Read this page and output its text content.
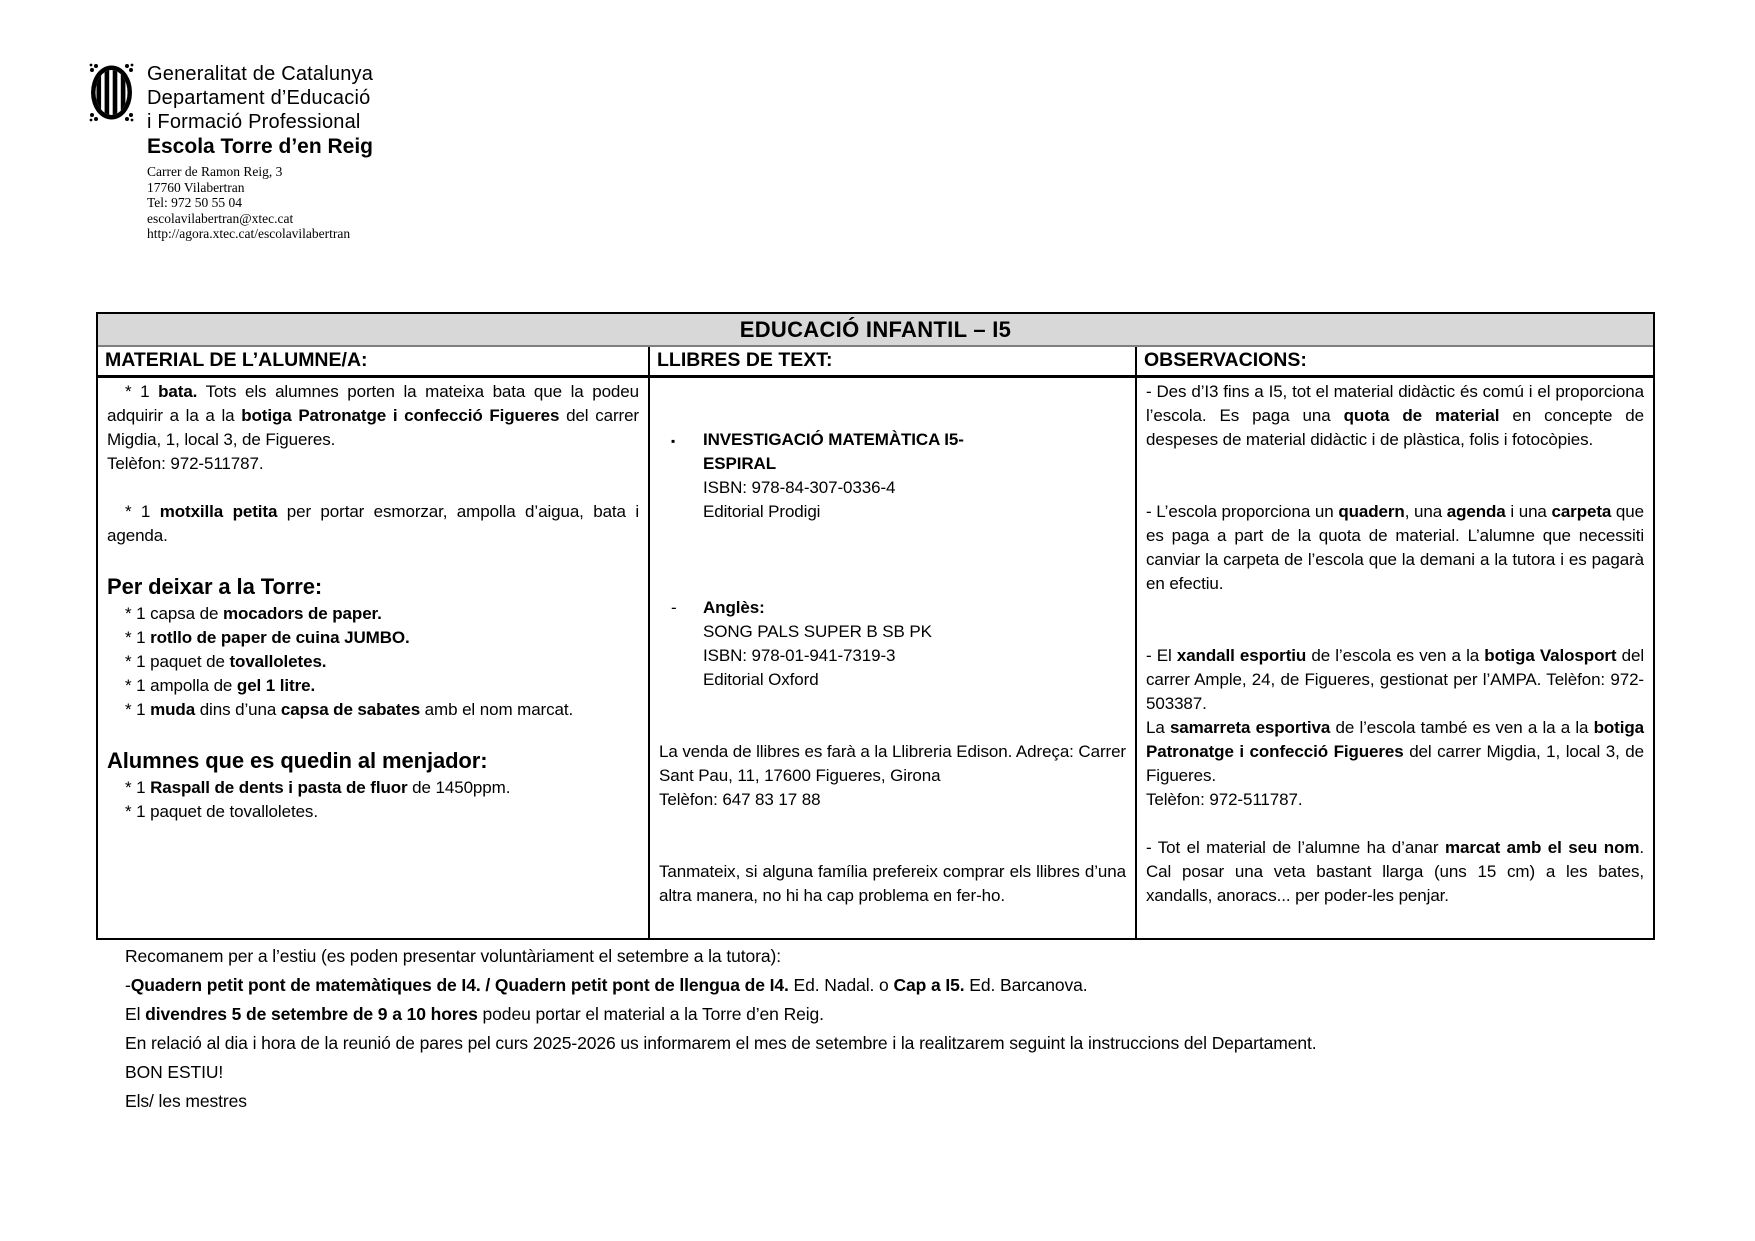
Generalitat de Catalunya
Departament d’Educació
i Formació Professional
Escola Torre d’en Reig
Carrer de Ramon Reig, 3
17760 Vilabertran
Tel: 972 50 55 04
escolavilabertran@xtec.cat
http://agora.xtec.cat/escolavilabertran
EDUCACIÓ INFANTIL – I5
MATERIAL DE L’ALUMNE/A:	LLIBRES DE TEXT:	OBSERVACIONS:
* 1 bata. Tots els alumnes porten la mateixa bata que la podeu adquirir a la a la botiga Patronatge i confecció Figueres del carrer Migdia, 1, local 3, de Figueres.
Telèfon: 972-511787.
* 1 motxilla petita per portar esmorzar, ampolla d’aigua, bata i agenda.
Per deixar a la Torre:
* 1 capsa de mocadors de paper.
* 1 rotllo de paper de cuina JUMBO.
* 1 paquet de tovalloletes.
* 1 ampolla de gel 1 litre.
* 1 muda dins d’una capsa de sabates amb el nom marcat.
Alumnes que es quedin al menjador:
* 1 Raspall de dents i pasta de fluor de 1450ppm.
* 1 paquet de tovalloletes.
▪ INVESTIGACIÓ MATEMÀTICA I5-
ESPIRAL
ISBN: 978-84-307-0336-4
Editorial Prodigi
- Anglès:
SONG PALS SUPER B SB PK
ISBN: 978-01-941-7319-3
Editorial Oxford
La venda de llibres es farà a la Llibreria Edison. Adreça: Carrer Sant Pau, 11, 17600 Figueres, Girona
Telèfon: 647 83 17 88
Tanmateix, si alguna família prefereix comprar els llibres d’una altra manera, no hi ha cap problema en fer-ho.
- Des d’I3 fins a I5, tot el material didàctic és comú i el proporciona l’escola. Es paga una quota de material en concepte de despeses de material didàctic i de plàstica, folis i fotocòpies.
- L’escola proporciona un quadern, una agenda i una carpeta que es paga a part de la quota de material. L’alumne que necessiti canviar la carpeta de l’escola que la demani a la tutora i es pagarà en efectiu.
- El xandall esportiu de l’escola es ven a la botiga Valosport del carrer Ample, 24, de Figueres, gestionat per l’AMPA. Telèfon: 972-503387.
La samarreta esportiva de l’escola també es ven a la a la botiga Patronatge i confecció Figueres del carrer Migdia, 1, local 3, de Figueres.
Telèfon: 972-511787.
- Tot el material de l’alumne ha d’anar marcat amb el seu nom. Cal posar una veta bastant llarga (uns 15 cm) a les bates, xandalls, anoracs... per poder-les penjar.
Recomanem per a l’estiu (es poden presentar voluntàriament el setembre a la tutora):
-Quadern petit pont de matemàtiques de I4. / Quadern petit pont de llengua de I4. Ed. Nadal. o Cap a I5. Ed. Barcanova.
El divendres 5 de setembre de 9 a 10 hores podeu portar el material a la Torre d’en Reig.
En relació al dia i hora de la reunió de pares pel curs 2025-2026 us informarem el mes de setembre i la realitzarem seguint la instruccions del Departament.
BON ESTIU!
Els/ les mestres
